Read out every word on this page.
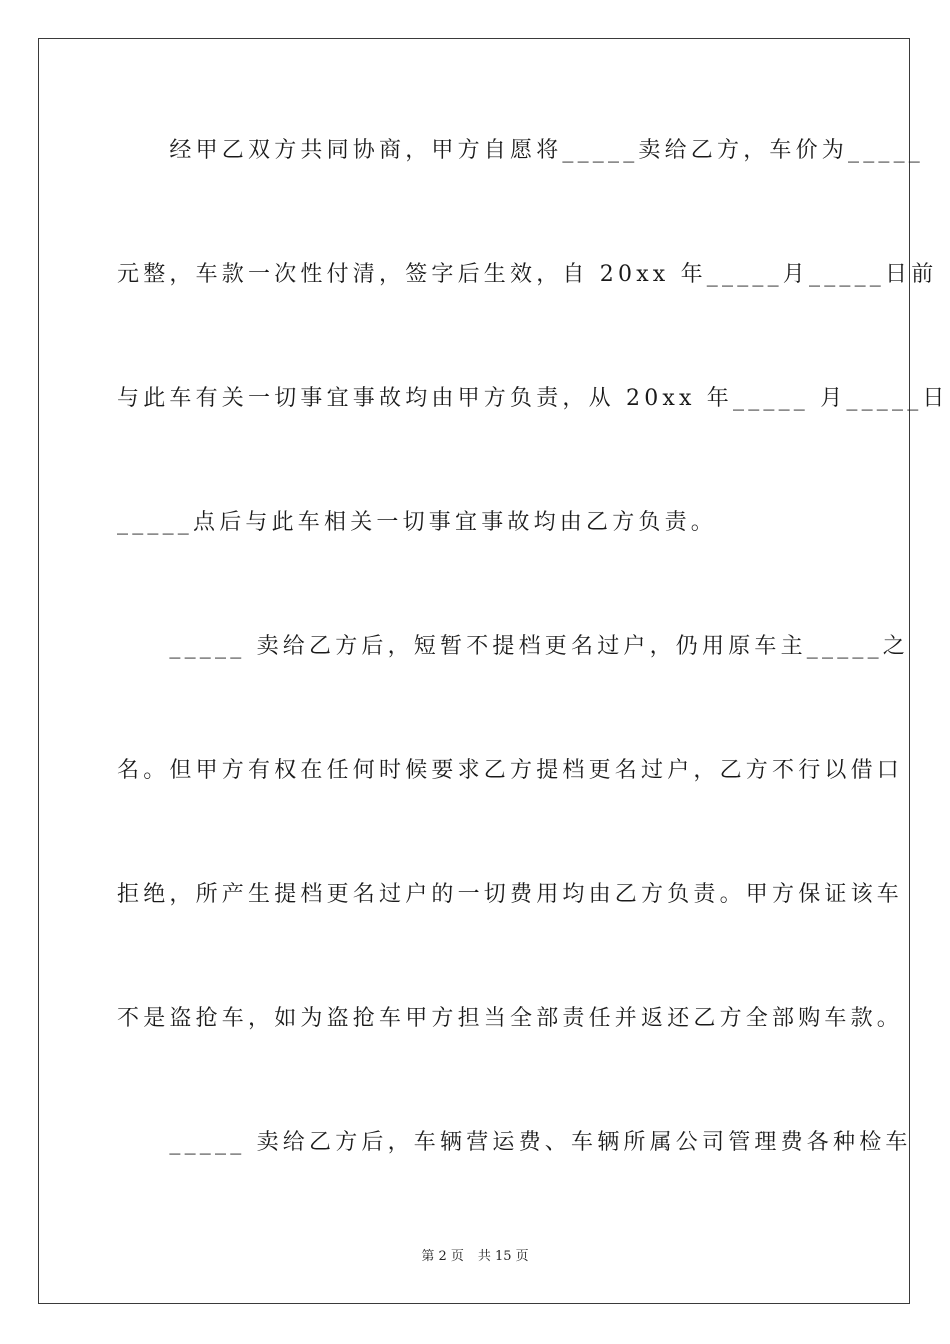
　　经甲乙双方共同协商，甲方自愿将_____卖给乙方，车价为_____
元整，车款一次性付清，签字后生效，自 20xx 年_____月_____日前
与此车有关一切事宜事故均由甲方负责，从 20xx 年_____ 月_____日
_____点后与此车相关一切事宜事故均由乙方负责。
　　_____ 卖给乙方后，短暂不提档更名过户，仍用原车主_____之
名。但甲方有权在任何时候要求乙方提档更名过户，乙方不行以借口
拒绝，所产生提档更名过户的一切费用均由乙方负责。甲方保证该车
不是盗抢车，如为盗抢车甲方担当全部责任并返还乙方全部购车款。
　　_____ 卖给乙方后，车辆营运费、车辆所属公司管理费各种检车
第 2 页 共 15 页
